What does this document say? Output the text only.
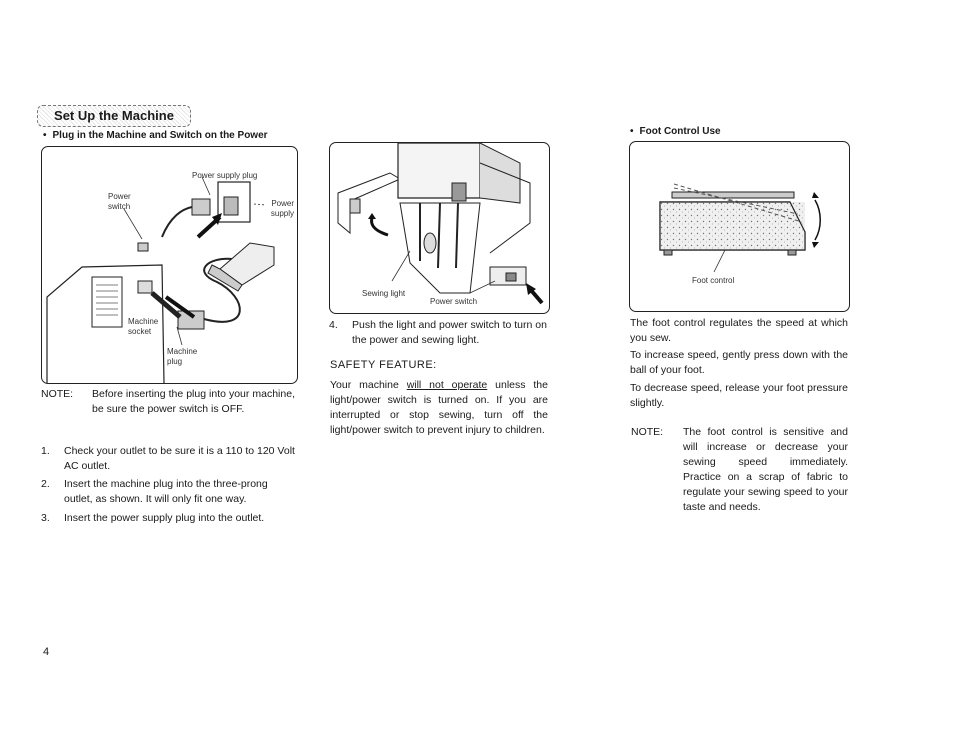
Set Up the Machine
• Plug in the Machine and Switch on the Power
Power switch
Power supply plug
Power supply
Machine socket
Machine plug
NOTE:	Before inserting the plug into your machine, be sure the power switch is OFF.
1. Check your outlet to be sure it is a 110 to 120 Volt AC outlet.
2. Insert the machine plug into the three-prong outlet, as shown. It will only fit one way.
3. Insert the power supply plug into the outlet.
Sewing light
Power switch
4. Push the light and power switch to turn on the power and sewing light.
SAFETY FEATURE:
Your machine will not operate unless the light/power switch is turned on. If you are interrupted or stop sewing, turn off the light/power switch to prevent injury to children.
• Foot Control Use
Foot control
The foot control regulates the speed at which you sew.
To increase speed, gently press down with the ball of your foot.
To decrease speed, release your foot pressure slightly.
NOTE:	The foot control is sensitive and will increase or decrease your sewing speed immediately. Practice on a scrap of fabric to regulate your sewing speed to your taste and needs.
4
